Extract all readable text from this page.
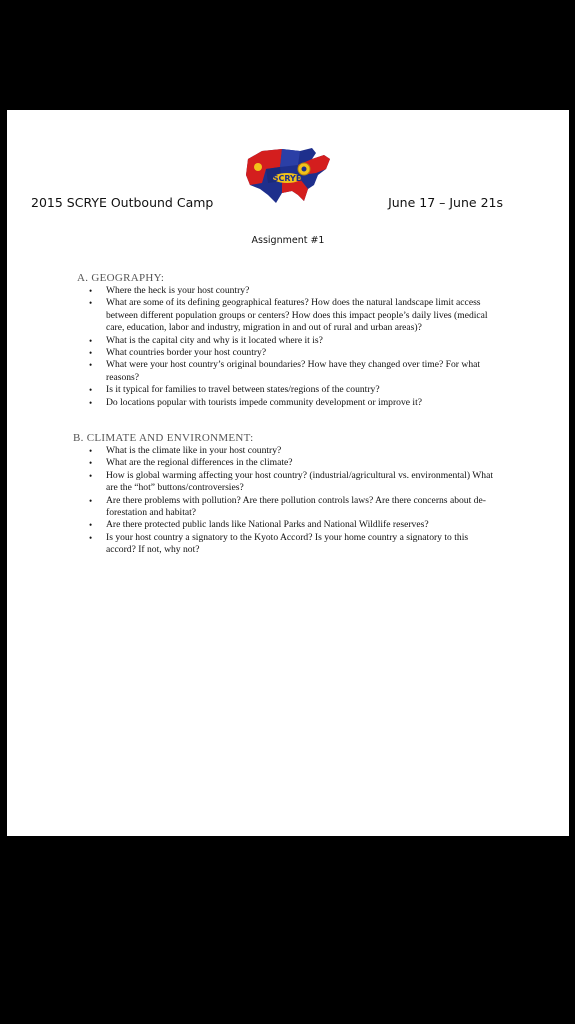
2015 SCRYE Outbound Camp
SCRYE
June 17 – June 21s
Assignment #1
A. GEOGRAPHY:
• Where the heck is your host country?
• What are some of its defining geographical features? How does the natural landscape limit access between different population groups or centers? How does this impact people’s daily lives (medical care, education, labor and industry, migration in and out of rural and urban areas)?
• What is the capital city and why is it located where it is?
• What countries border your host country?
• What were your host country’s original boundaries? How have they changed over time? For what reasons?
• Is it typical for families to travel between states/regions of the country?
• Do locations popular with tourists impede community development or improve it?
B. CLIMATE AND ENVIRONMENT:
• What is the climate like in your host country?
• What are the regional differences in the climate?
• How is global warming affecting your host country? (industrial/agricultural vs. environmental) What are the “hot” buttons/controversies?
• Are there problems with pollution? Are there pollution controls laws? Are there concerns about de-forestation and habitat?
• Are there protected public lands like National Parks and National Wildlife reserves?
• Is your host country a signatory to the Kyoto Accord? Is your home country a signatory to this accord? If not, why not?
